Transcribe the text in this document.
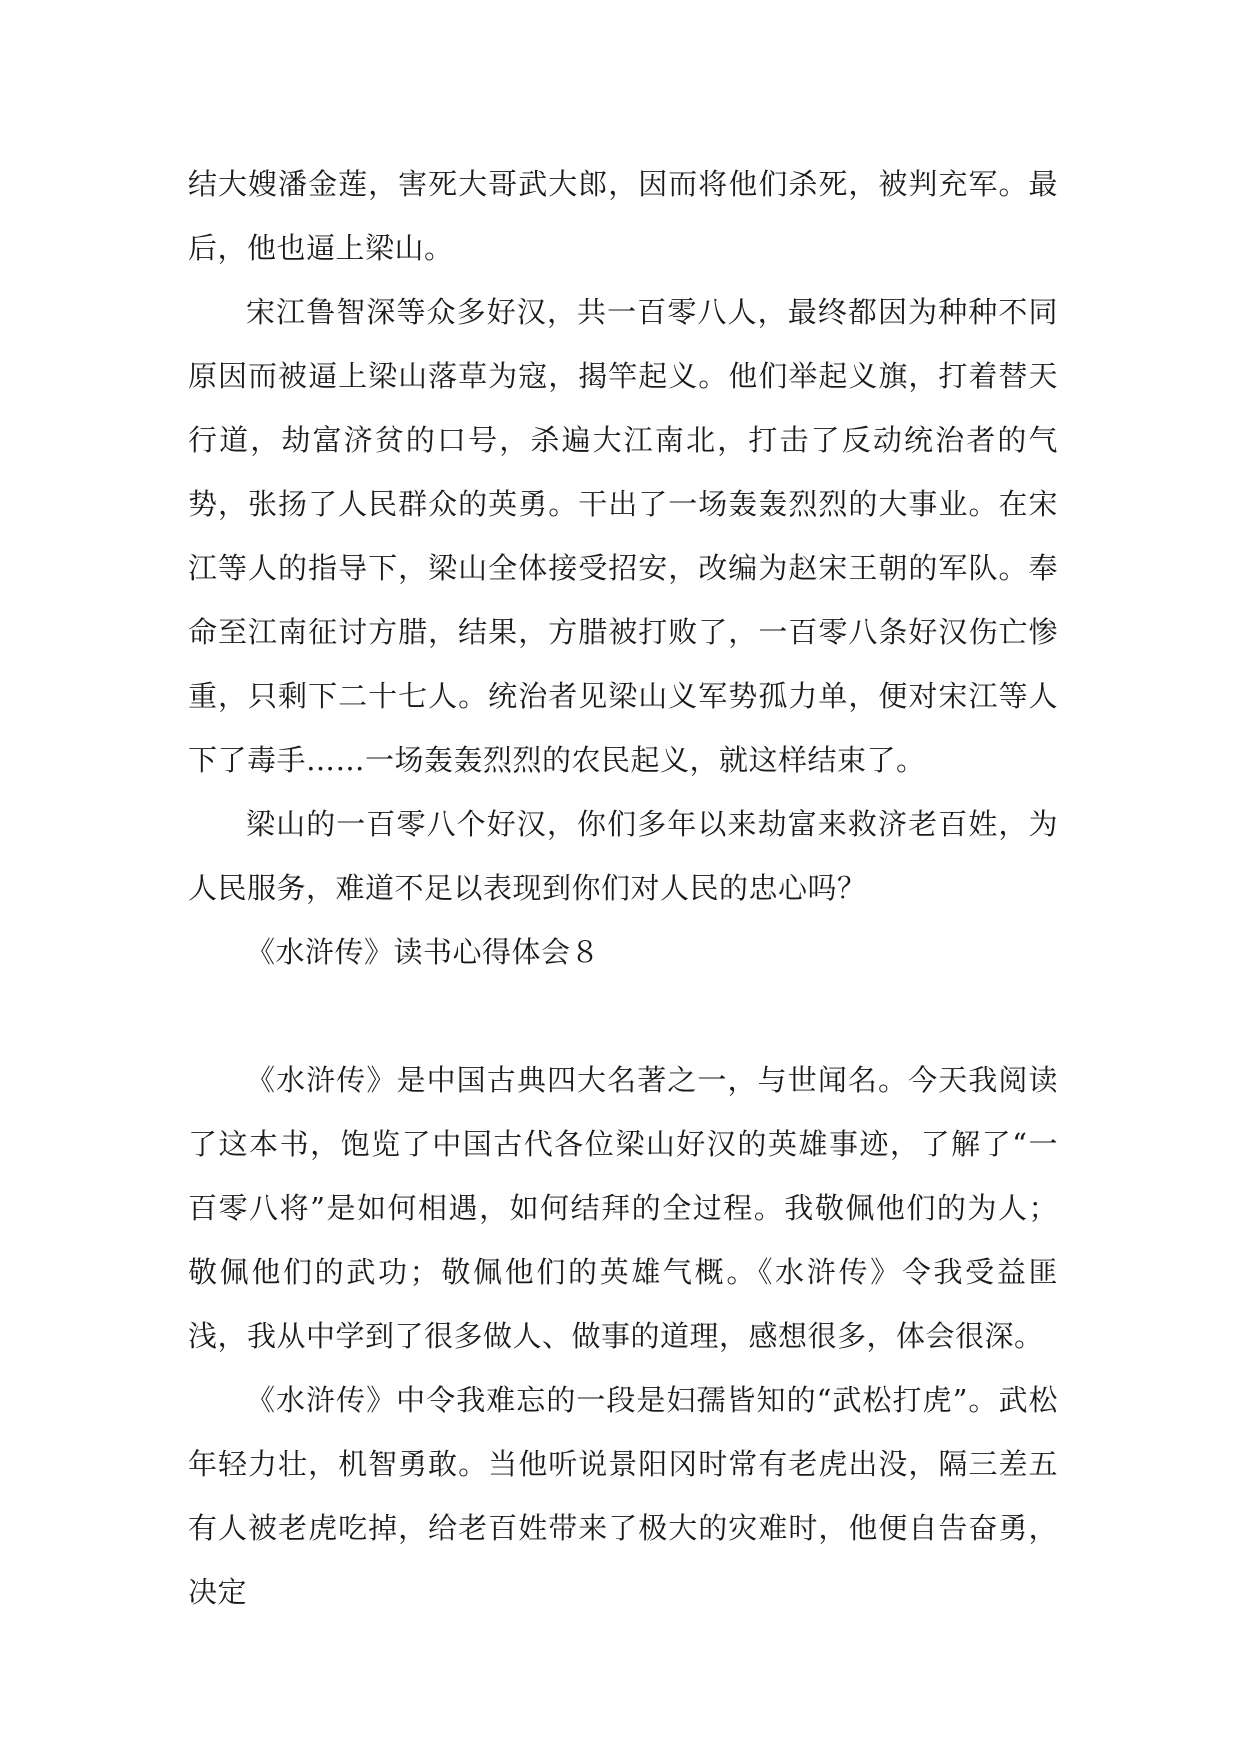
结大嫂潘金莲，害死大哥武大郎，因而将他们杀死，被判充军。最后，他也逼上梁山。

宋江鲁智深等众多好汉，共一百零八人，最终都因为种种不同原因而被逼上梁山落草为寇，揭竿起义。他们举起义旗，打着替天行道，劫富济贫的口号，杀遍大江南北，打击了反动统治者的气势，张扬了人民群众的英勇。干出了一场轰轰烈烈的大事业。在宋江等人的指导下，梁山全体接受招安，改编为赵宋王朝的军队。奉命至江南征讨方腊，结果，方腊被打败了，一百零八条好汉伤亡惨重，只剩下二十七人。统治者见梁山义军势孤力单，便对宋江等人下了毒手……一场轰轰烈烈的农民起义，就这样结束了。

梁山的一百零八个好汉，你们多年以来劫富来救济老百姓，为人民服务，难道不足以表现到你们对人民的忠心吗？

《水浒传》读书心得体会８

《水浒传》是中国古典四大名著之一，与世闻名。今天我阅读了这本书，饱览了中国古代各位梁山好汉的英雄事迹，了解了“一百零八将”是如何相遇，如何结拜的全过程。我敬佩他们的为人；敬佩他们的武功；敬佩他们的英雄气概。《水浒传》令我受益匪浅，我从中学到了很多做人、做事的道理，感想很多，体会很深。

《水浒传》中令我难忘的一段是妇孺皆知的“武松打虎”。武松年轻力壮，机智勇敢。当他听说景阳冈时常有老虎出没，隔三差五有人被老虎吃掉，给老百姓带来了极大的灾难时，他便自告奋勇，决定
